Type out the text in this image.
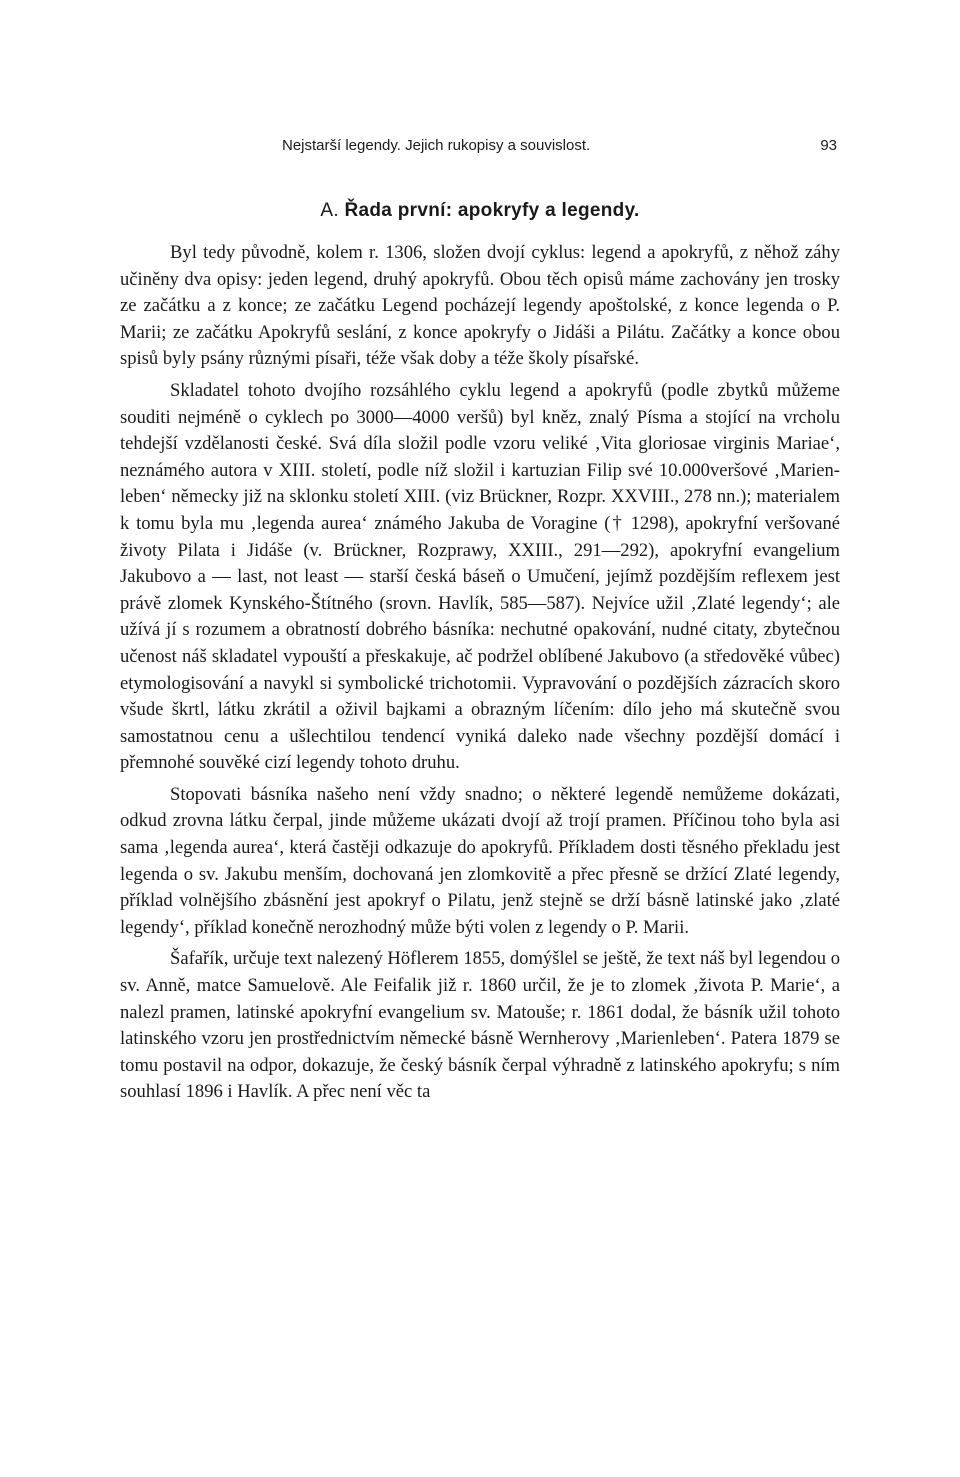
Nejstarší legendy. Jejich rukopisy a souvislost.	93
A. Řada první: apokryfy a legendy.

Byl tedy původně, kolem r. 1306, složen dvojí cyklus: legend a apokryfů, z něhož záhy učiněny dva opisy: jeden legend, druhý apokryfů. Obou těch opisů máme zachovány jen trosky ze začátku a z konce; ze začátku Legend pocházejí legendy apoštolské, z konce legenda o P. Marii; ze začátku Apokryfů seslání, z konce apokryfy o Jidáši a Pilátu. Začátky a konce obou spisů byly psány různými písaři, téže však doby a téže školy písařské.

Skladatel tohoto dvojího rozsáhlého cyklu legend a apokryfů (podle zbytků můžeme souditi nejméně o cyklech po 3000—4000 veršů) byl kněz, znalý Písma a stojící na vrcholu tehdejší vzdělanosti české. Svá díla složil podle vzoru veliké ‚Vita gloriosae virginis Mariae‘, neznámého autora v XIII. století, podle níž složil i kartuzian Filip své 10.000veršové ‚Marienleben‘ německy již na sklonku století XIII. (viz Brückner, Rozpr. XXVIII., 278 nn.); materialem k tomu byla mu ‚legenda aurea‘ známého Jakuba de Voragine († 1298), apokryfní veršované životy Pilata i Jidáše (v. Brückner, Rozprawy, XXIII., 291—292), apokryfní evangelium Jakubovo a — last, not least — starší česká báseň o Umučení, jejímž pozdějším reflexem jest právě zlomek Kynského-Štítného (srovn. Havlík, 585—587). Nejvíce užil ‚Zlaté legendy‘; ale užívá jí s rozumem a obratností dobrého básníka: nechutné opakování, nudné citaty, zbytečnou učenost náš skladatel vypouští a přeskakuje, ač podržel oblíbené Jakubovo (a středověké vůbec) etymologisování a navykl si symbolické trichotomii. Vypravování o pozdějších zázracích skoro všude škrtl, látku zkrátil a oživil bajkami a obrazným líčením: dílo jeho má skutečně svou samostatnou cenu a ušlechtilou tendencí vyniká daleko nade všechny pozdější domácí i přemnohé souvěké cizí legendy tohoto druhu.

Stopovati básníka našeho není vždy snadno; o některé legendě nemůžeme dokázati, odkud zrovna látku čerpal, jinde můžeme ukázati dvojí až trojí pramen. Příčinou toho byla asi sama ‚legenda aurea‘, která častěji odkazuje do apokryfů. Příkladem dosti těsného překladu jest legenda o sv. Jakubu menším, dochovaná jen zlomkovitě a přec přesně se držící Zlaté legendy, příklad volnějšího zbásnění jest apokryf o Pilatu, jenž stejně se drží básně latinské jako ‚zlaté legendy‘, příklad konečně nerozhodný může býti volen z legendy o P. Marii.

Šafařík, určuje text nalezený Höflerem 1855, domýšlel se ještě, že text náš byl legendou o sv. Anně, matce Samuelově. Ale Feifalik již r. 1860 určil, že je to zlomek ‚života P. Marie‘, a nalezl pramen, latinské apokryfní evangelium sv. Matouše; r. 1861 dodal, že básník užil tohoto latinského vzoru jen prostřednictvím německé básně Wernherovy ‚Marienleben‘. Patera 1879 se tomu postavil na odpor, dokazuje, že český básník čerpal výhradně z latinského apokryfu; s ním souhlasí 1896 i Havlík. A přec není věc ta
